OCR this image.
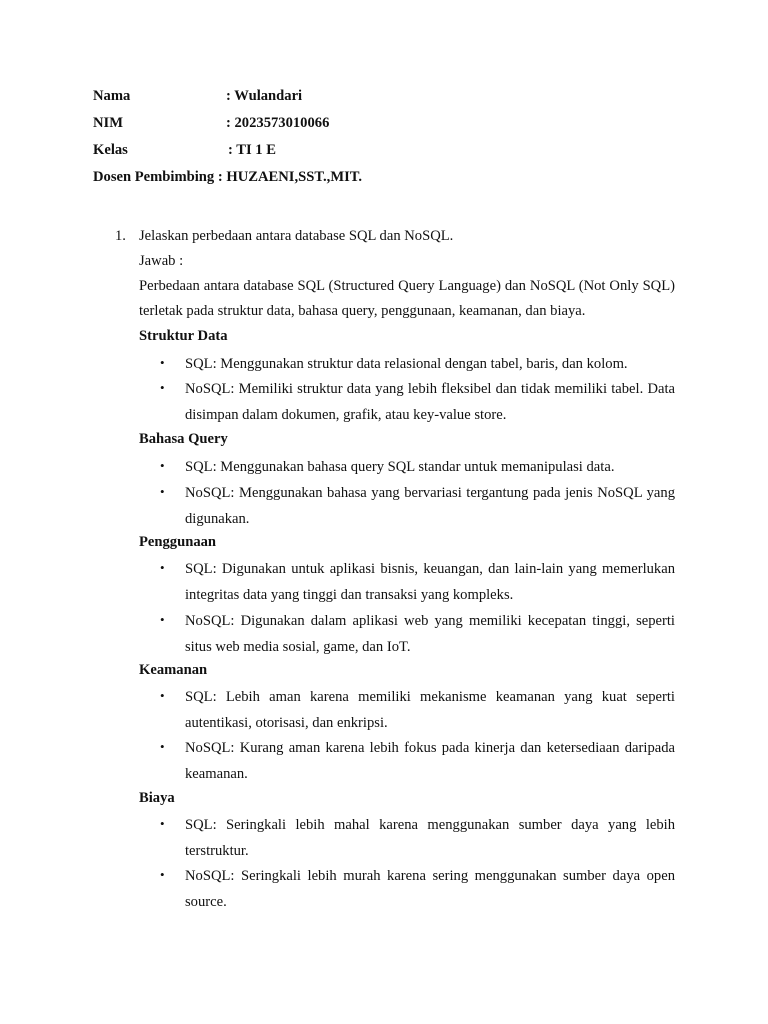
Nama	: Wulandari
NIM	: 2023573010066
Kelas	: TI 1 E
Dosen Pembimbing : HUZAENI,SST.,MIT.
1. Jelaskan perbedaan antara database SQL dan NoSQL.
Jawab :
Perbedaan antara database SQL (Structured Query Language) dan NoSQL (Not Only SQL) terletak pada struktur data, bahasa query, penggunaan, keamanan, dan biaya.
Struktur Data
• SQL: Menggunakan struktur data relasional dengan tabel, baris, dan kolom.
• NoSQL: Memiliki struktur data yang lebih fleksibel dan tidak memiliki tabel. Data disimpan dalam dokumen, grafik, atau key-value store.
Bahasa Query
• SQL: Menggunakan bahasa query SQL standar untuk memanipulasi data.
• NoSQL: Menggunakan bahasa yang bervariasi tergantung pada jenis NoSQL yang digunakan.
Penggunaan
• SQL: Digunakan untuk aplikasi bisnis, keuangan, dan lain-lain yang memerlukan integritas data yang tinggi dan transaksi yang kompleks.
• NoSQL: Digunakan dalam aplikasi web yang memiliki kecepatan tinggi, seperti situs web media sosial, game, dan IoT.
Keamanan
• SQL: Lebih aman karena memiliki mekanisme keamanan yang kuat seperti autentikasi, otorisasi, dan enkripsi.
• NoSQL: Kurang aman karena lebih fokus pada kinerja dan ketersediaan daripada keamanan.
Biaya
• SQL: Seringkali lebih mahal karena menggunakan sumber daya yang lebih terstruktur.
• NoSQL: Seringkali lebih murah karena sering menggunakan sumber daya open source.
